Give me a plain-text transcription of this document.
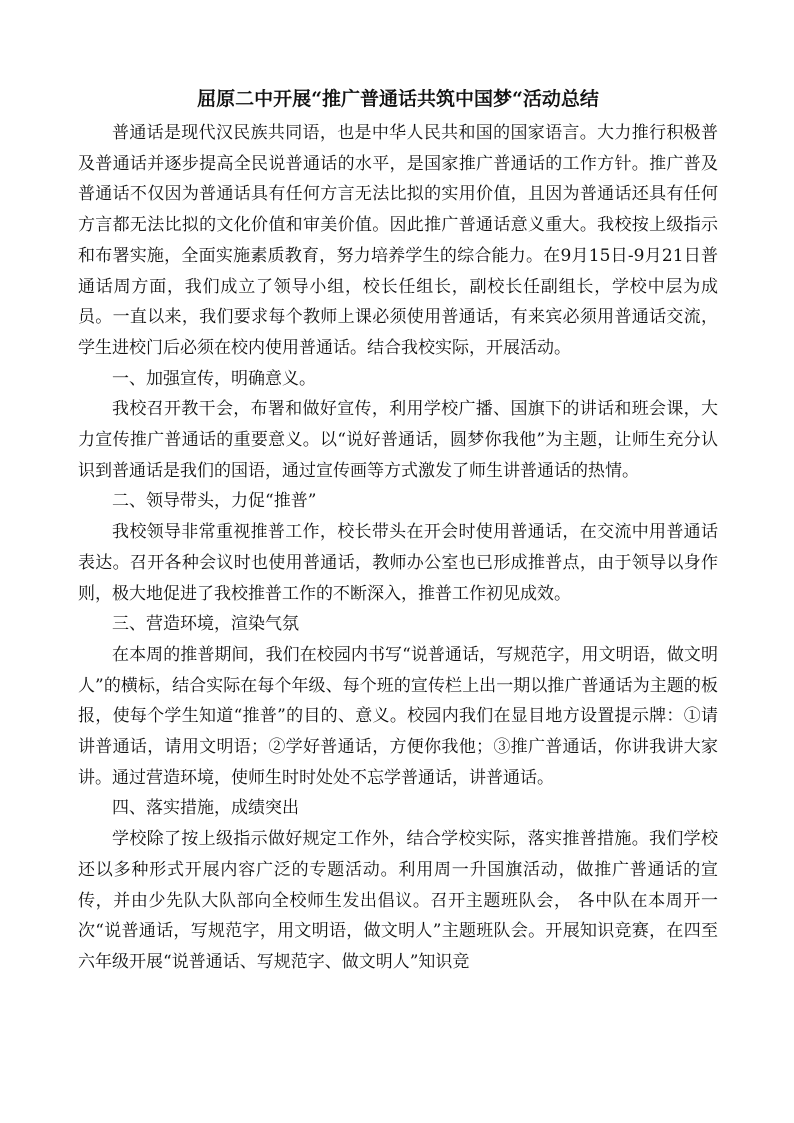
屈原二中开展“推广普通话共筑中国梦“活动总结

普通话是现代汉民族共同语，也是中华人民共和国的国家语言。大力推行积极普及普通话并逐步提高全民说普通话的水平，是国家推广普通话的工作方针。推广普及普通话不仅因为普通话具有任何方言无法比拟的实用价值，且因为普通话还具有任何方言都无法比拟的文化价值和审美价值。因此推广普通话意义重大。我校按上级指示和布署实施，全面实施素质教育，努力培养学生的综合能力。在9月15日-9月21日普通话周方面，我们成立了领导小组，校长任组长，副校长任副组长，学校中层为成员。一直以来，我们要求每个教师上课必须使用普通话，有来宾必须用普通话交流，学生进校门后必须在校内使用普通话。结合我校实际，开展活动。

一、加强宣传，明确意义。

我校召开教干会，布署和做好宣传，利用学校广播、国旗下的讲话和班会课，大力宣传推广普通话的重要意义。以“说好普通话，圆梦你我他”为主题，让师生充分认识到普通话是我们的国语，通过宣传画等方式激发了师生讲普通话的热情。

二、领导带头，力促“推普”

我校领导非常重视推普工作，校长带头在开会时使用普通话，在交流中用普通话表达。召开各种会议时也使用普通话，教师办公室也已形成推普点，由于领导以身作则，极大地促进了我校推普工作的不断深入，推普工作初见成效。

三、营造环境，渲染气氛

在本周的推普期间，我们在校园内书写“说普通话，写规范字，用文明语，做文明人”的横标，结合实际在每个年级、每个班的宣传栏上出一期以推广普通话为主题的板报，使每个学生知道“推普”的目的、意义。校园内我们在显目地方设置提示牌：①请讲普通话，请用文明语；②学好普通话，方便你我他；③推广普通话，你讲我讲大家讲。通过营造环境，使师生时时处处不忘学普通话，讲普通话。

四、落实措施，成绩突出

学校除了按上级指示做好规定工作外，结合学校实际，落实推普措施。我们学校还以多种形式开展内容广泛的专题活动。利用周一升国旗活动，做推广普通话的宣传，并由少先队大队部向全校师生发出倡议。召开主题班队会， 各中队在本周开一次“说普通话，写规范字，用文明语，做文明人”主题班队会。开展知识竞赛，在四至六年级开展“说普通话、写规范字、做文明人”知识竞
